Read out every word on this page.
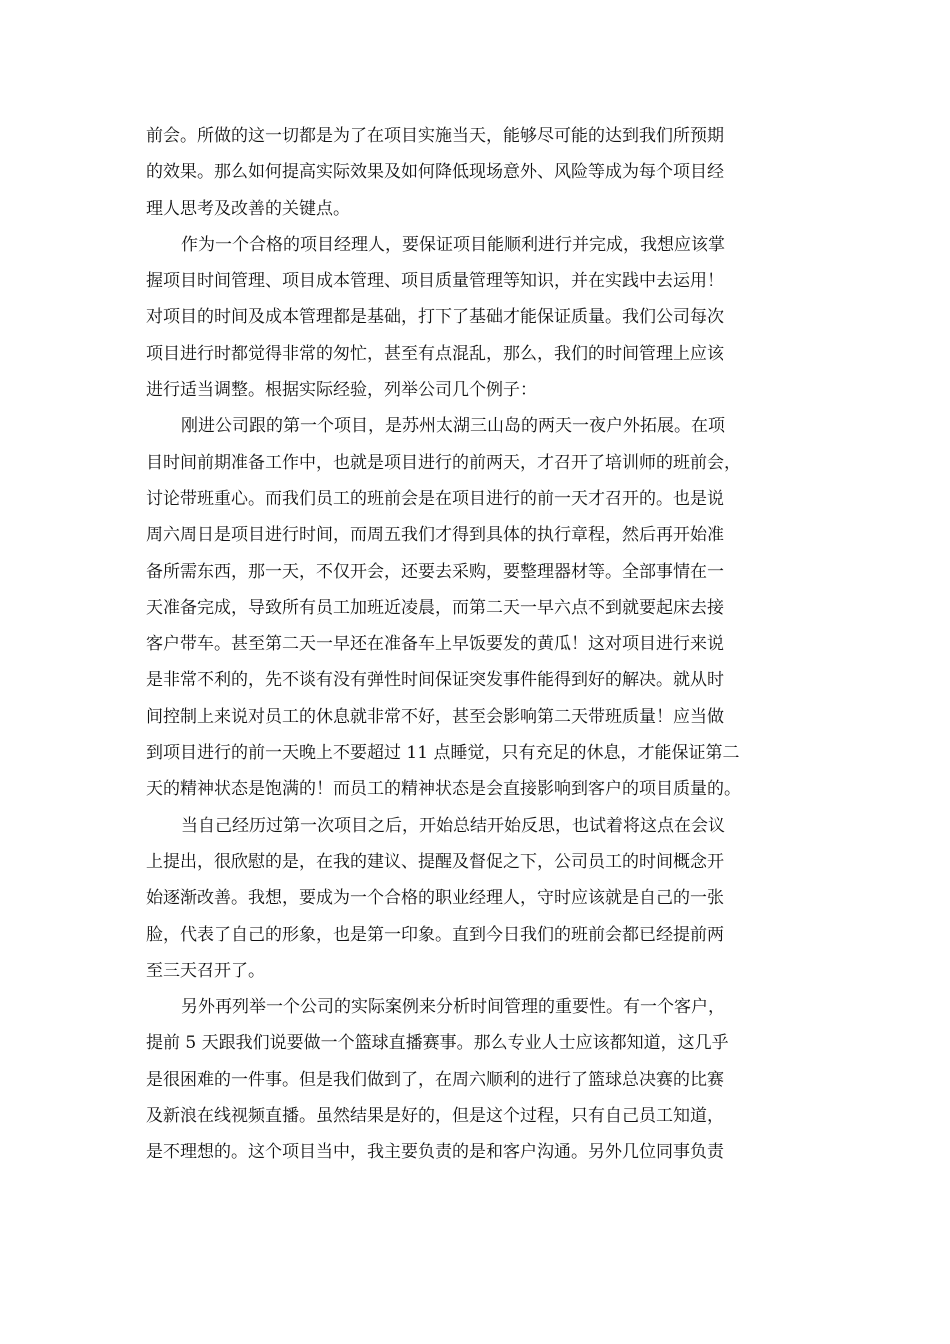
前会。所做的这一切都是为了在项目实施当天，能够尽可能的达到我们所预期
的效果。那么如何提高实际效果及如何降低现场意外、风险等成为每个项目经
理人思考及改善的关键点。
作为一个合格的项目经理人，要保证项目能顺利进行并完成，我想应该掌
握项目时间管理、项目成本管理、项目质量管理等知识，并在实践中去运用！
对项目的时间及成本管理都是基础，打下了基础才能保证质量。我们公司每次
项目进行时都觉得非常的匆忙，甚至有点混乱，那么，我们的时间管理上应该
进行适当调整。根据实际经验，列举公司几个例子：
刚进公司跟的第一个项目，是苏州太湖三山岛的两天一夜户外拓展。在项
目时间前期准备工作中，也就是项目进行的前两天，才召开了培训师的班前会，
讨论带班重心。而我们员工的班前会是在项目进行的前一天才召开的。也是说
周六周日是项目进行时间，而周五我们才得到具体的执行章程，然后再开始准
备所需东西，那一天，不仅开会，还要去采购，要整理器材等。全部事情在一
天准备完成，导致所有员工加班近凌晨，而第二天一早六点不到就要起床去接
客户带车。甚至第二天一早还在准备车上早饭要发的黄瓜！这对项目进行来说
是非常不利的，先不谈有没有弹性时间保证突发事件能得到好的解决。就从时
间控制上来说对员工的休息就非常不好，甚至会影响第二天带班质量！应当做
到项目进行的前一天晚上不要超过 11 点睡觉，只有充足的休息，才能保证第二
天的精神状态是饱满的！而员工的精神状态是会直接影响到客户的项目质量的。
当自己经历过第一次项目之后，开始总结开始反思，也试着将这点在会议
上提出，很欣慰的是，在我的建议、提醒及督促之下，公司员工的时间概念开
始逐渐改善。我想，要成为一个合格的职业经理人，守时应该就是自己的一张
脸，代表了自己的形象，也是第一印象。直到今日我们的班前会都已经提前两
至三天召开了。
另外再列举一个公司的实际案例来分析时间管理的重要性。有一个客户，
提前 5 天跟我们说要做一个篮球直播赛事。那么专业人士应该都知道，这几乎
是很困难的一件事。但是我们做到了，在周六顺利的进行了篮球总决赛的比赛
及新浪在线视频直播。虽然结果是好的，但是这个过程，只有自己员工知道，
是不理想的。这个项目当中，我主要负责的是和客户沟通。另外几位同事负责
